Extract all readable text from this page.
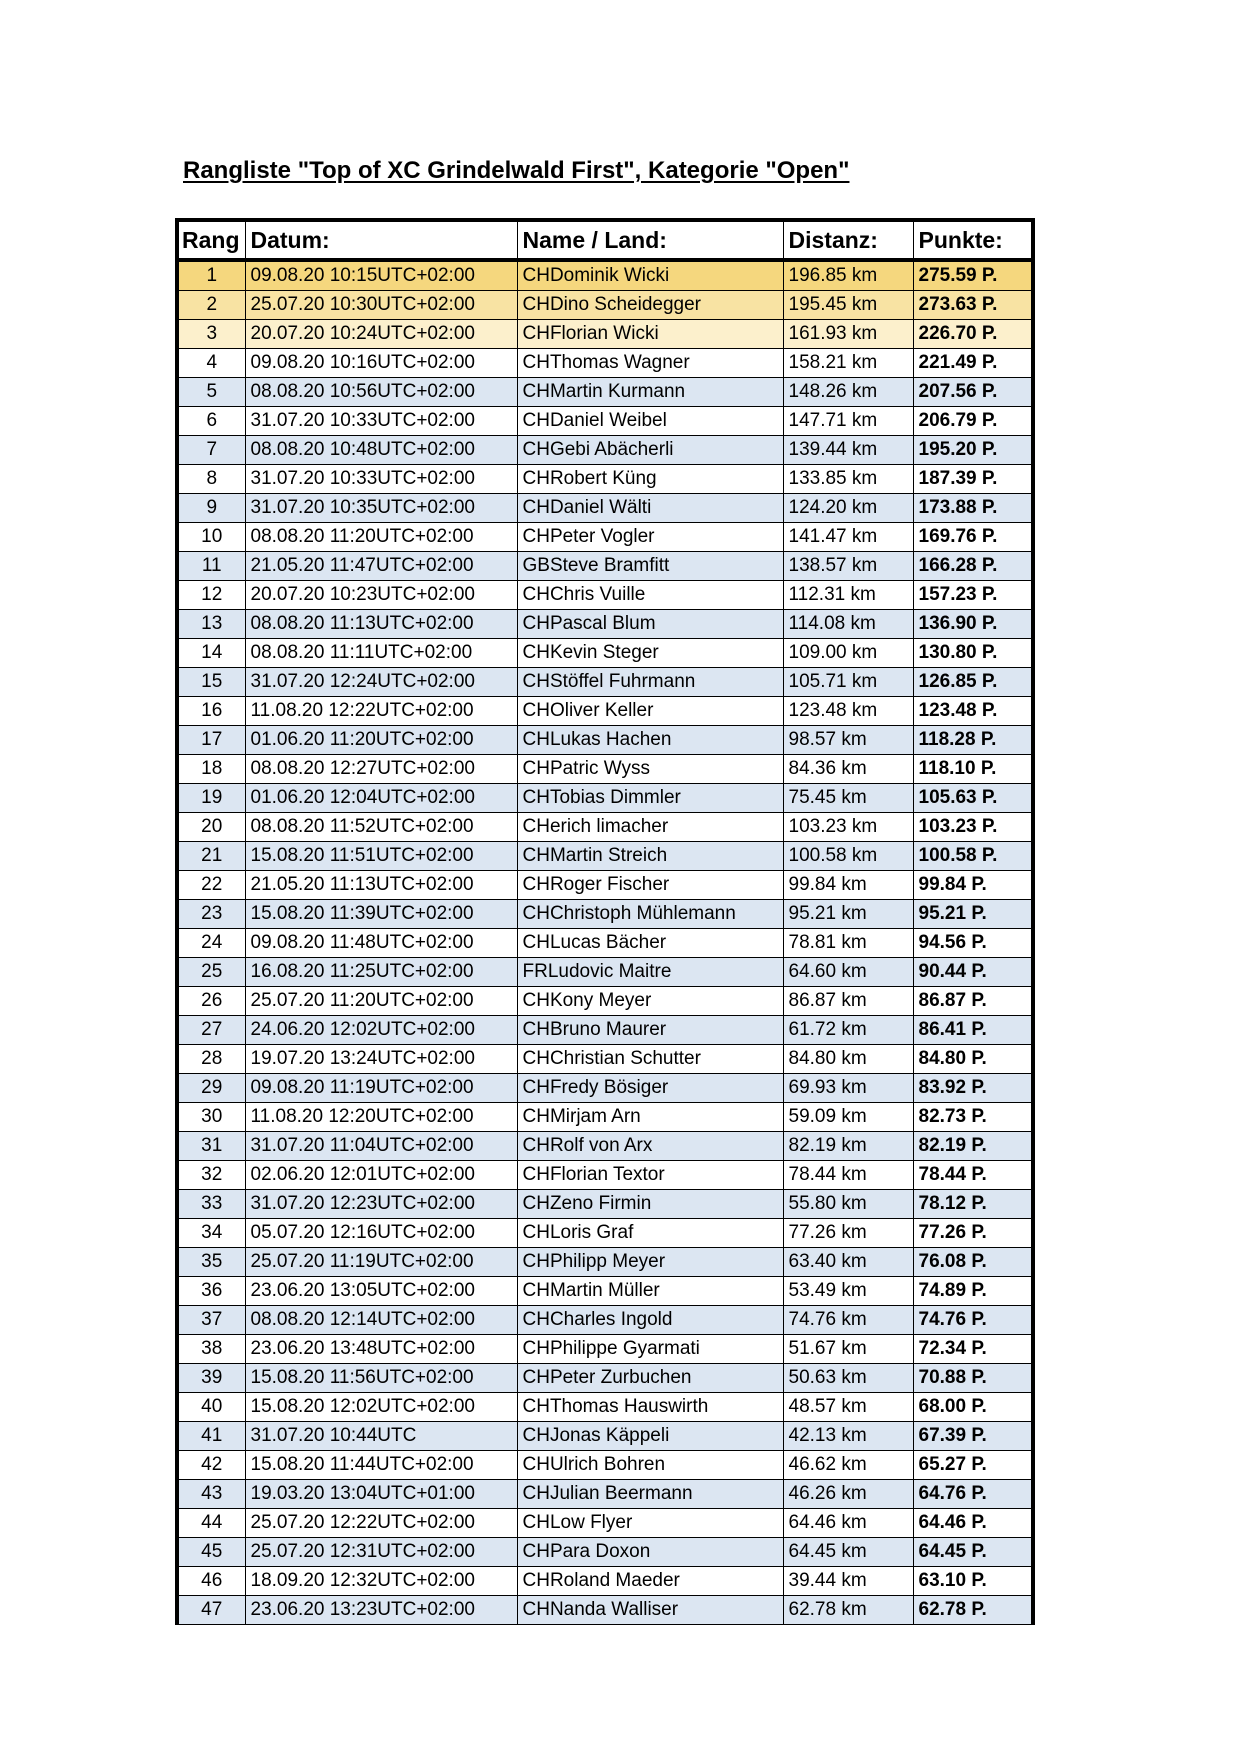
Rangliste "Top of XC Grindelwald First", Kategorie "Open"
Rang	Datum:	Name / Land:	Distanz:	Punkte:
1	09.08.20 10:15UTC+02:00	CHDominik Wicki	196.85 km	275.59 P.
2	25.07.20 10:30UTC+02:00	CHDino Scheidegger	195.45 km	273.63 P.
3	20.07.20 10:24UTC+02:00	CHFlorian Wicki	161.93 km	226.70 P.
4	09.08.20 10:16UTC+02:00	CHThomas Wagner	158.21 km	221.49 P.
5	08.08.20 10:56UTC+02:00	CHMartin Kurmann	148.26 km	207.56 P.
6	31.07.20 10:33UTC+02:00	CHDaniel Weibel	147.71 km	206.79 P.
7	08.08.20 10:48UTC+02:00	CHGebi Abächerli	139.44 km	195.20 P.
8	31.07.20 10:33UTC+02:00	CHRobert Küng	133.85 km	187.39 P.
9	31.07.20 10:35UTC+02:00	CHDaniel Wälti	124.20 km	173.88 P.
10	08.08.20 11:20UTC+02:00	CHPeter Vogler	141.47 km	169.76 P.
11	21.05.20 11:47UTC+02:00	GBSteve Bramfitt	138.57 km	166.28 P.
12	20.07.20 10:23UTC+02:00	CHChris Vuille	112.31 km	157.23 P.
13	08.08.20 11:13UTC+02:00	CHPascal Blum	114.08 km	136.90 P.
14	08.08.20 11:11UTC+02:00	CHKevin Steger	109.00 km	130.80 P.
15	31.07.20 12:24UTC+02:00	CHStöffel Fuhrmann	105.71 km	126.85 P.
16	11.08.20 12:22UTC+02:00	CHOliver Keller	123.48 km	123.48 P.
17	01.06.20 11:20UTC+02:00	CHLukas Hachen	98.57 km	118.28 P.
18	08.08.20 12:27UTC+02:00	CHPatric Wyss	84.36 km	118.10 P.
19	01.06.20 12:04UTC+02:00	CHTobias Dimmler	75.45 km	105.63 P.
20	08.08.20 11:52UTC+02:00	CHerich limacher	103.23 km	103.23 P.
21	15.08.20 11:51UTC+02:00	CHMartin Streich	100.58 km	100.58 P.
22	21.05.20 11:13UTC+02:00	CHRoger Fischer	99.84 km	99.84 P.
23	15.08.20 11:39UTC+02:00	CHChristoph Mühlemann	95.21 km	95.21 P.
24	09.08.20 11:48UTC+02:00	CHLucas Bächer	78.81 km	94.56 P.
25	16.08.20 11:25UTC+02:00	FRLudovic Maitre	64.60 km	90.44 P.
26	25.07.20 11:20UTC+02:00	CHKony Meyer	86.87 km	86.87 P.
27	24.06.20 12:02UTC+02:00	CHBruno Maurer	61.72 km	86.41 P.
28	19.07.20 13:24UTC+02:00	CHChristian Schutter	84.80 km	84.80 P.
29	09.08.20 11:19UTC+02:00	CHFredy Bösiger	69.93 km	83.92 P.
30	11.08.20 12:20UTC+02:00	CHMirjam Arn	59.09 km	82.73 P.
31	31.07.20 11:04UTC+02:00	CHRolf von Arx	82.19 km	82.19 P.
32	02.06.20 12:01UTC+02:00	CHFlorian Textor	78.44 km	78.44 P.
33	31.07.20 12:23UTC+02:00	CHZeno Firmin	55.80 km	78.12 P.
34	05.07.20 12:16UTC+02:00	CHLoris Graf	77.26 km	77.26 P.
35	25.07.20 11:19UTC+02:00	CHPhilipp Meyer	63.40 km	76.08 P.
36	23.06.20 13:05UTC+02:00	CHMartin Müller	53.49 km	74.89 P.
37	08.08.20 12:14UTC+02:00	CHCharles Ingold	74.76 km	74.76 P.
38	23.06.20 13:48UTC+02:00	CHPhilippe Gyarmati	51.67 km	72.34 P.
39	15.08.20 11:56UTC+02:00	CHPeter Zurbuchen	50.63 km	70.88 P.
40	15.08.20 12:02UTC+02:00	CHThomas Hauswirth	48.57 km	68.00 P.
41	31.07.20 10:44UTC	CHJonas Käppeli	42.13 km	67.39 P.
42	15.08.20 11:44UTC+02:00	CHUlrich Bohren	46.62 km	65.27 P.
43	19.03.20 13:04UTC+01:00	CHJulian Beermann	46.26 km	64.76 P.
44	25.07.20 12:22UTC+02:00	CHLow Flyer	64.46 km	64.46 P.
45	25.07.20 12:31UTC+02:00	CHPara Doxon	64.45 km	64.45 P.
46	18.09.20 12:32UTC+02:00	CHRoland Maeder	39.44 km	63.10 P.
47	23.06.20 13:23UTC+02:00	CHNanda Walliser	62.78 km	62.78 P.
